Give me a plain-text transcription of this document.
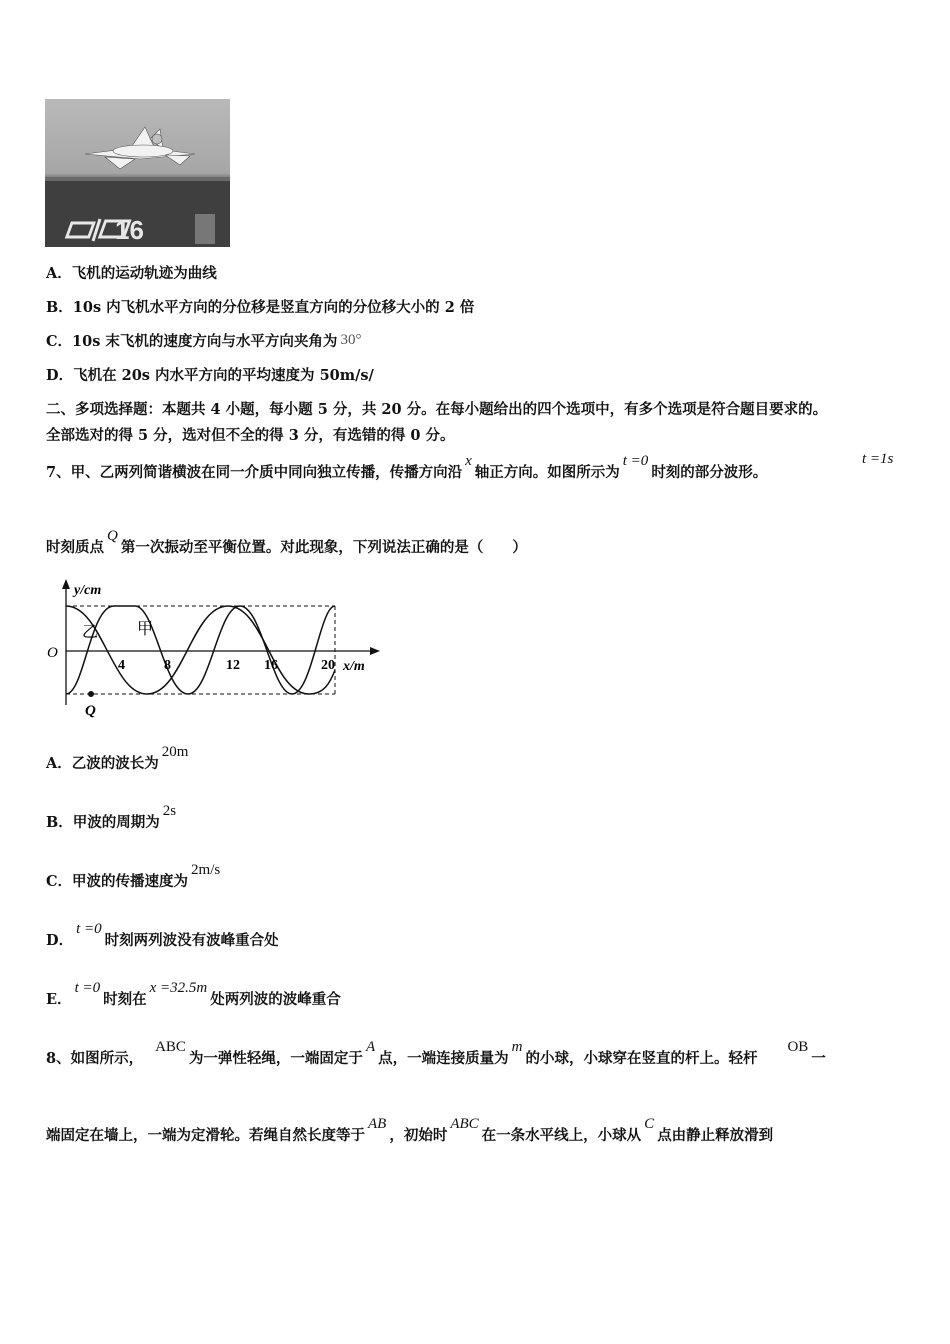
16
A．飞机的运动轨迹为曲线
B．10s 内飞机水平方向的分位移是竖直方向的分位移大小的 2 倍
C．10s 末飞机的速度方向与水平方向夹角为 30°
D．飞机在 20s 内水平方向的平均速度为 50m/s/
二、多项选择题：本题共 4 小题，每小题 5 分，共 20 分。在每小题给出的四个选项中，有多个选项是符合题目要求的。
全部选对的得 5 分，选对但不全的得 3 分，有选错的得 0 分。
7、甲、乙两列简谐横波在同一介质中同向独立传播，传播方向沿x轴正方向。如图所示为t =0时刻的部分波形。
t =1s
时刻质点Q第一次振动至平衡位置。对此现象，下列说法正确的是（　　）
O
4	8	12 16	20 x/m
y/cm
乙 甲
Q
A．乙波的波长为20m
B．甲波的周期为2s
C．甲波的传播速度为2m/s
D．t =0时刻两列波没有波峰重合处
E．t =0时刻在x =32.5m处两列波的波峰重合
8、如图所示，ABC为一弹性轻绳，一端固定于A点，一端连接质量为m的小球，小球穿在竖直的杆上。轻杆OB一
端固定在墙上，一端为定滑轮。若绳自然长度等于AB，初始时ABC在一条水平线上，小球从C点由静止释放滑到
